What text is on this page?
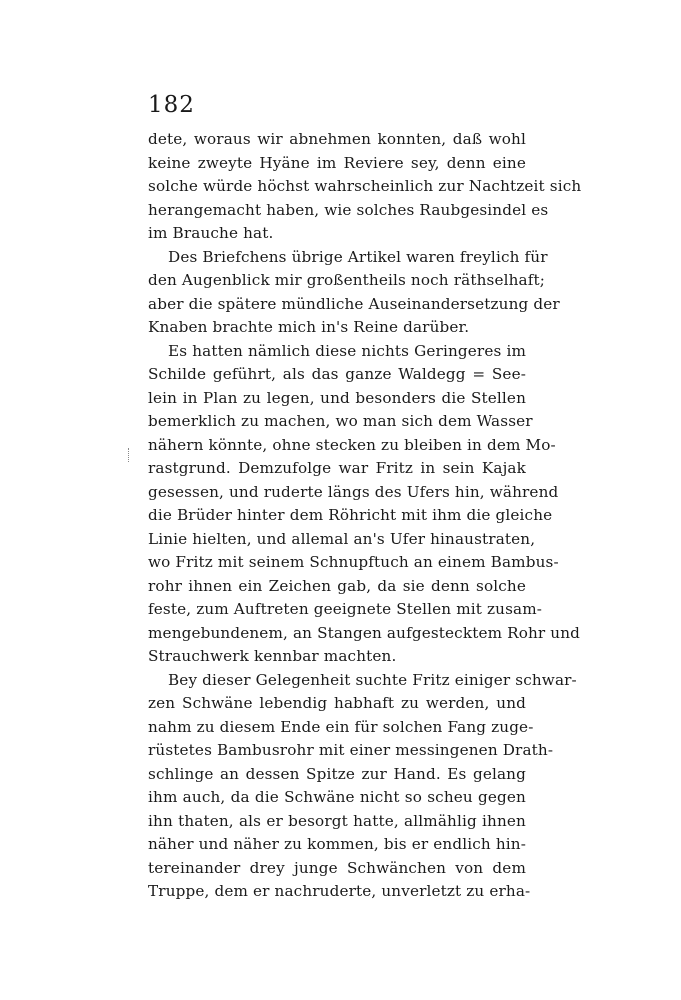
182
dete, woraus wir abnehmen konnten, daß wohl
keine zweyte Hyäne im Reviere sey, denn eine
solche würde höchst wahrscheinlich zur Nachtzeit sich
herangemacht haben, wie solches Raubgesindel es
im Brauche hat.
Des Briefchens übrige Artikel waren freylich für
den Augenblick mir großentheils noch räthselhaft;
aber die spätere mündliche Auseinandersetzung der
Knaben brachte mich in's Reine darüber.
Es hatten nämlich diese nichts Geringeres im
Schilde geführt, als das ganze Waldegg = See-
lein in Plan zu legen, und besonders die Stellen
bemerklich zu machen, wo man sich dem Wasser
nähern könnte, ohne stecken zu bleiben in dem Mo-
rastgrund. Demzufolge war Fritz in sein Kajak
gesessen, und ruderte längs des Ufers hin, während
die Brüder hinter dem Röhricht mit ihm die gleiche
Linie hielten, und allemal an's Ufer hinaustraten,
wo Fritz mit seinem Schnupftuch an einem Bambus-
rohr ihnen ein Zeichen gab, da sie denn solche
feste, zum Auftreten geeignete Stellen mit zusam-
mengebundenem, an Stangen aufgestecktem Rohr und
Strauchwerk kennbar machten.
Bey dieser Gelegenheit suchte Fritz einiger schwar-
zen Schwäne lebendig habhaft zu werden, und
nahm zu diesem Ende ein für solchen Fang zuge-
rüstetes Bambusrohr mit einer messingenen Drath-
schlinge an dessen Spitze zur Hand. Es gelang
ihm auch, da die Schwäne nicht so scheu gegen
ihn thaten, als er besorgt hatte, allmählig ihnen
näher und näher zu kommen, bis er endlich hin-
tereinander drey junge Schwänchen von dem
Truppe, dem er nachruderte, unverletzt zu erha-
